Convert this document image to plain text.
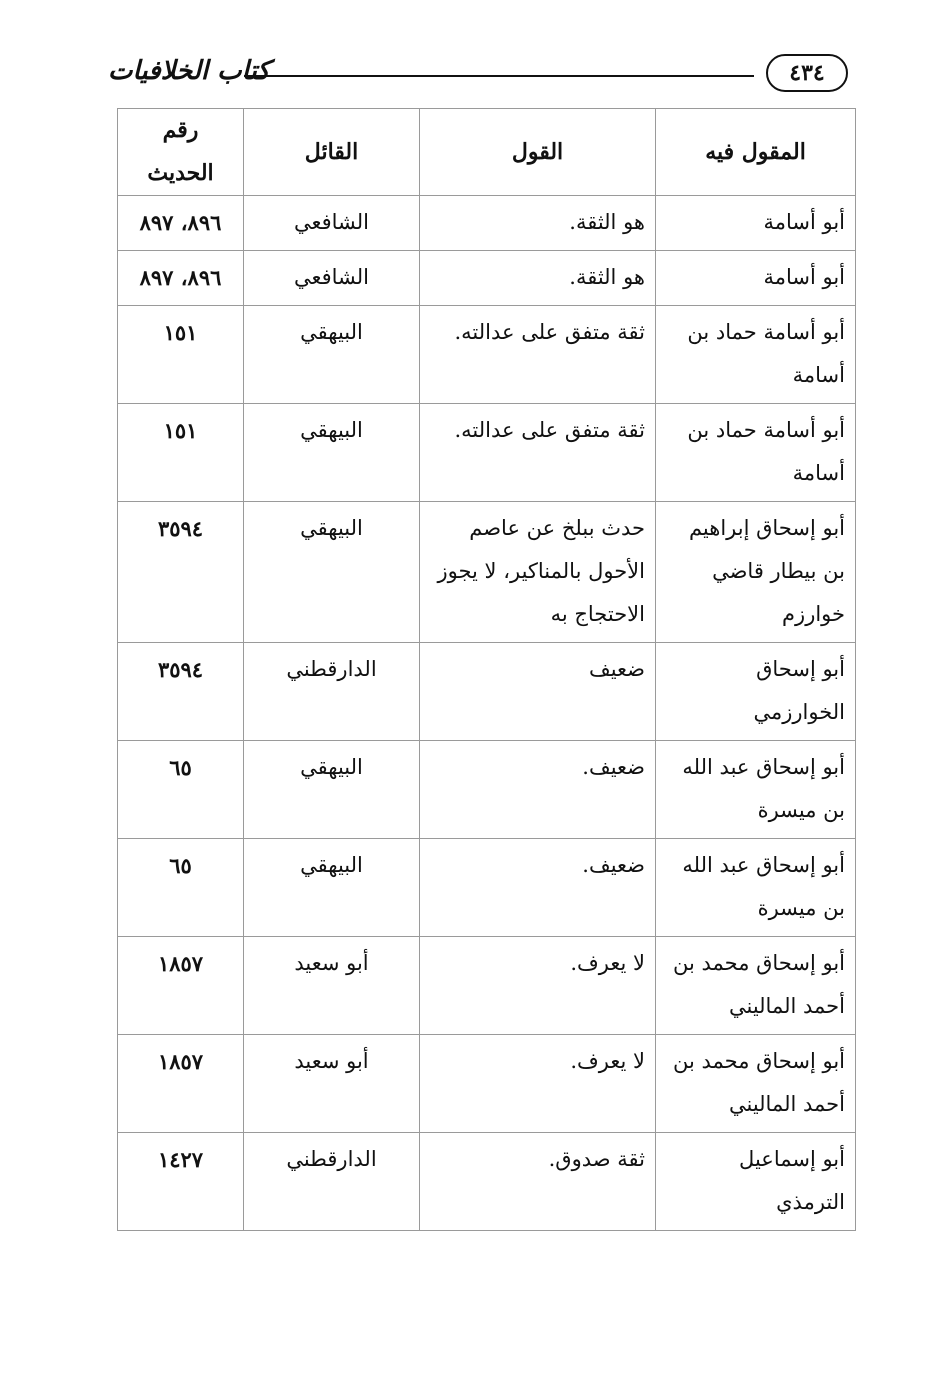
كتاب الخلافيات	٤٣٤
المقول فيه	القول	القائل	رقم الحديث
أبو أسامة	هو الثقة.	الشافعي	٨٩٦، ٨٩٧
أبو أسامة	هو الثقة.	الشافعي	٨٩٦، ٨٩٧
أبو أسامة حماد بن أسامة	ثقة متفق على عدالته.	البيهقي	١٥١
أبو أسامة حماد بن أسامة	ثقة متفق على عدالته.	البيهقي	١٥١
أبو إسحاق إبراهيم بن بيطار قاضي خوارزم	حدث ببلخ عن عاصم الأحول بالمناكير، لا يجوز الاحتجاج به	البيهقي	٣٥٩٤
أبو إسحاق الخوارزمي	ضعيف	الدارقطني	٣٥٩٤
أبو إسحاق عبد الله بن ميسرة	ضعيف.	البيهقي	٦٥
أبو إسحاق عبد الله بن ميسرة	ضعيف.	البيهقي	٦٥
أبو إسحاق محمد بن أحمد الماليني	لا يعرف.	أبو سعيد	١٨٥٧
أبو إسحاق محمد بن أحمد الماليني	لا يعرف.	أبو سعيد	١٨٥٧
أبو إسماعيل الترمذي	ثقة صدوق.	الدارقطني	١٤٢٧
